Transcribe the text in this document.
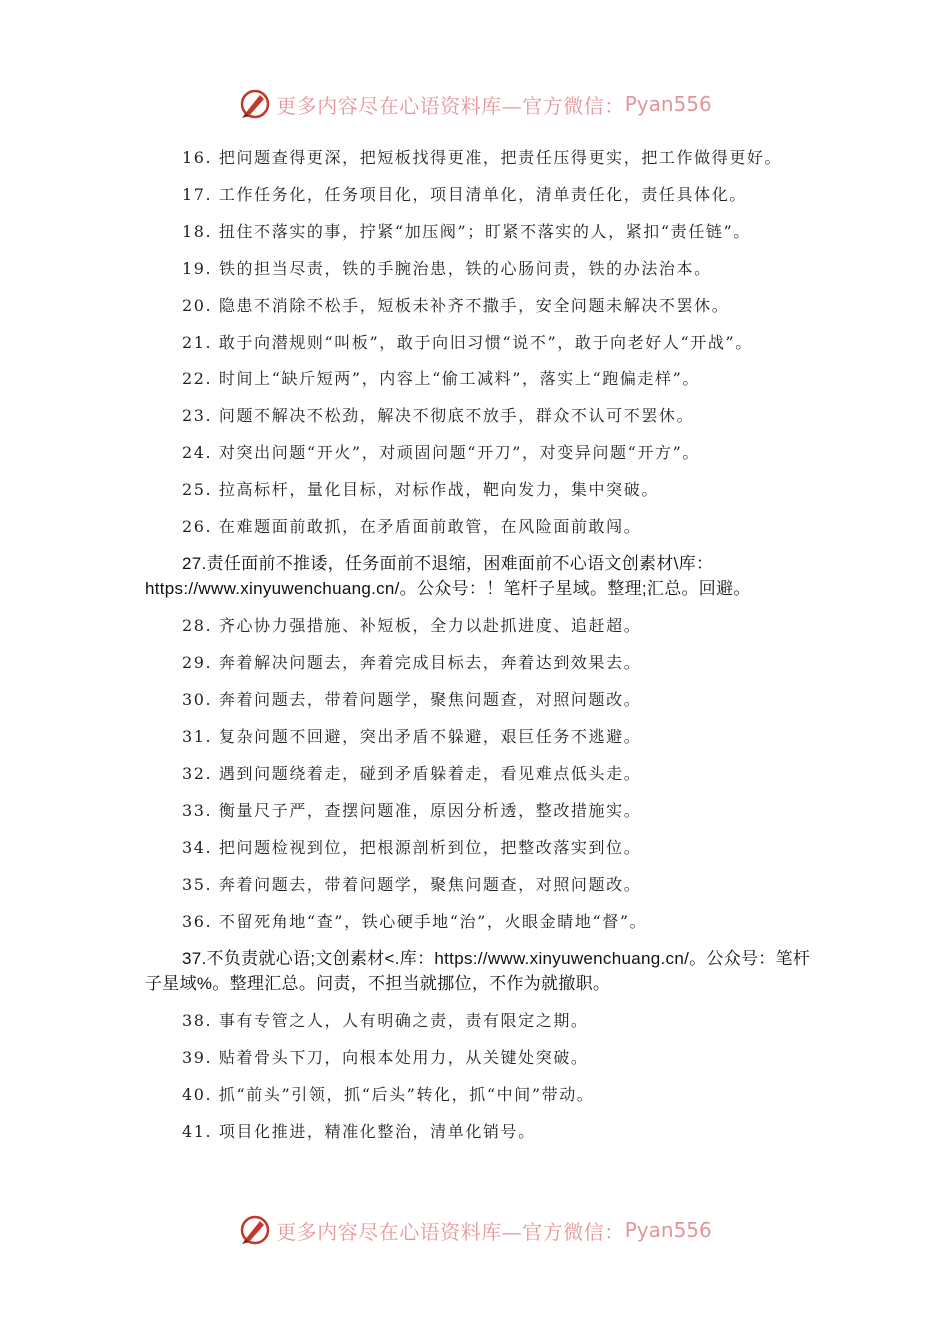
更多内容尽在心语资料库—官方微信： Pyan556
16. 把问题查得更深，把短板找得更准，把责任压得更实，把工作做得更好。
17. 工作任务化，任务项目化，项目清单化，清单责任化，责任具体化。
18. 扭住不落实的事，拧紧“加压阀”；盯紧不落实的人，紧扣“责任链”。
19. 铁的担当尽责，铁的手腕治患，铁的心肠问责，铁的办法治本。
20. 隐患不消除不松手，短板未补齐不撒手，安全问题未解决不罢休。
21. 敢于向潜规则“叫板”，敢于向旧习惯“说不”，敢于向老好人“开战”。
22. 时间上“缺斤短两”，内容上“偷工减料”，落实上“跑偏走样”。
23. 问题不解决不松劲，解决不彻底不放手，群众不认可不罢休。
24. 对突出问题“开火”，对顽固问题“开刀”，对变异问题“开方”。
25. 拉高标杆，量化目标，对标作战，靶向发力，集中突破。
26. 在难题面前敢抓，在矛盾面前敢管，在风险面前敢闯。
27.责任面前不推诿，任务面前不退缩，困难面前不心语文创素材\库：https://www.xinyuwenchuang.cn/。公众号：！笔杆子星域。整理;汇总。回避。
28. 齐心协力强措施、补短板，全力以赴抓进度、追赶超。
29. 奔着解决问题去，奔着完成目标去，奔着达到效果去。
30. 奔着问题去，带着问题学，聚焦问题查，对照问题改。
31. 复杂问题不回避，突出矛盾不躲避，艰巨任务不逃避。
32. 遇到问题绕着走，碰到矛盾躲着走，看见难点低头走。
33. 衡量尺子严，查摆问题准，原因分析透，整改措施实。
34. 把问题检视到位，把根源剖析到位，把整改落实到位。
35. 奔着问题去，带着问题学，聚焦问题查，对照问题改。
36. 不留死角地“查”，铁心硬手地“治”，火眼金睛地“督”。
37.不负责就心语;文创素材<.库：https://www.xinyuwenchuang.cn/。公众号：笔杆子星域%。整理汇总。问责，不担当就挪位，不作为就撤职。
38. 事有专管之人，人有明确之责，责有限定之期。
39. 贴着骨头下刀，向根本处用力，从关键处突破。
40. 抓“前头”引领，抓“后头”转化，抓“中间”带动。
41. 项目化推进，精准化整治，清单化销号。
更多内容尽在心语资料库—官方微信： Pyan556
